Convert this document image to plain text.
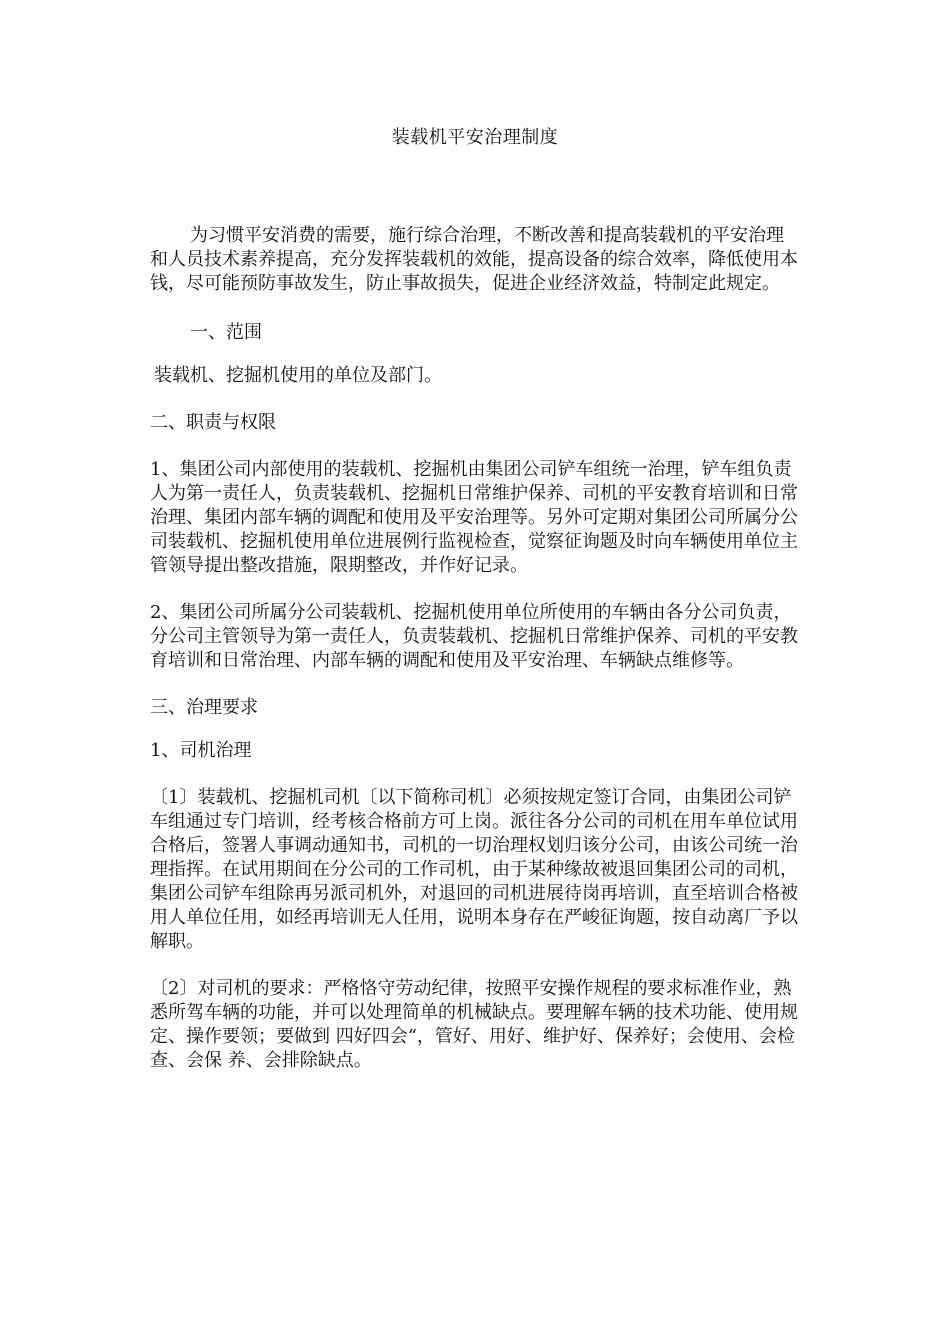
装载机平安治理制度

为习惯平安消费的需要，施行综合治理，不断改善和提高装载机的平安治理和人员技术素养提高，充分发挥装载机的效能，提高设备的综合效率，降低使用本钱，尽可能预防事故发生，防止事故损失，促进企业经济效益，特制定此规定。

一、范围

装载机、挖掘机使用的单位及部门。

二、职责与权限

1、集团公司内部使用的装载机、挖掘机由集团公司铲车组统一治理，铲车组负责人为第一责任人，负责装载机、挖掘机日常维护保养、司机的平安教育培训和日常治理、集团内部车辆的调配和使用及平安治理等。另外可定期对集团公司所属分公司装载机、挖掘机使用单位进展例行监视检查，觉察征询题及时向车辆使用单位主管领导提出整改措施，限期整改，并作好记录。

2、集团公司所属分公司装载机、挖掘机使用单位所使用的车辆由各分公司负责，分公司主管领导为第一责任人，负责装载机、挖掘机日常维护保养、司机的平安教育培训和日常治理、内部车辆的调配和使用及平安治理、车辆缺点维修等。

三、治理要求

1、司机治理

〔1〕装载机、挖掘机司机〔以下简称司机〕必须按规定签订合同，由集团公司铲车组通过专门培训，经考核合格前方可上岗。派往各分公司的司机在用车单位试用合格后，签署人事调动通知书，司机的一切治理权划归该分公司，由该公司统一治理指挥。在试用期间在分公司的工作司机，由于某种缘故被退回集团公司的司机，集团公司铲车组除再另派司机外，对退回的司机进展待岗再培训，直至培训合格被用人单位任用，如经再培训无人任用，说明本身存在严峻征询题，按自动离厂予以解职。

〔2〕对司机的要求：严格恪守劳动纪律，按照平安操作规程的要求标准作业，熟悉所驾车辆的功能，并可以处理简单的机械缺点。要理解车辆的技术功能、使用规定、操作要领；要做到 四好四会“，管好、用好、维护好、保养好；会使用、会检查、会保 养、会排除缺点。
